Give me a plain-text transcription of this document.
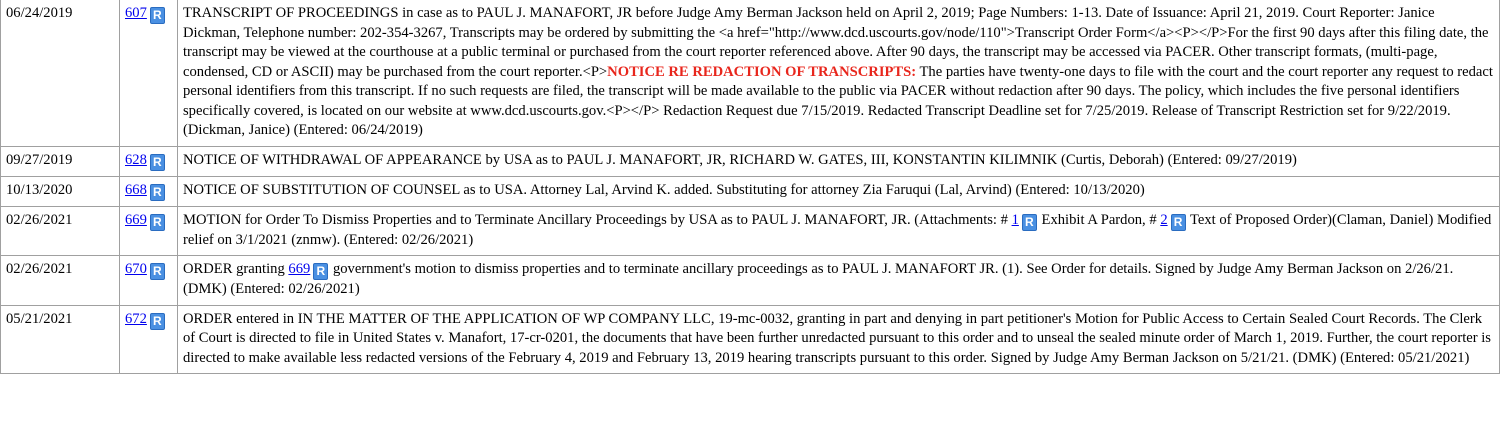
06/24/2019	607 R	TRANSCRIPT OF PROCEEDINGS in case as to PAUL J. MANAFORT, JR before Judge Amy Berman Jackson held on April 2, 2019; Page Numbers: 1-13. Date of Issuance: April 21, 2019. Court Reporter: Janice Dickman, Telephone number: 202-354-3267, Transcripts may be ordered by submitting the <a href="http://www.dcd.uscourts.gov/node/110">Transcript Order Form</a><P></P>For the first 90 days after this filing date, the transcript may be viewed at the courthouse at a public terminal or purchased from the court reporter referenced above. After 90 days, the transcript may be accessed via PACER. Other transcript formats, (multi-page, condensed, CD or ASCII) may be purchased from the court reporter.<P>NOTICE RE REDACTION OF TRANSCRIPTS: The parties have twenty-one days to file with the court and the court reporter any request to redact personal identifiers from this transcript. If no such requests are filed, the transcript will be made available to the public via PACER without redaction after 90 days. The policy, which includes the five personal identifiers specifically covered, is located on our website at www.dcd.uscourts.gov.<P></P> Redaction Request due 7/15/2019. Redacted Transcript Deadline set for 7/25/2019. Release of Transcript Restriction set for 9/22/2019.(Dickman, Janice) (Entered: 06/24/2019)
09/27/2019	628 R	NOTICE OF WITHDRAWAL OF APPEARANCE by USA as to PAUL J. MANAFORT, JR, RICHARD W. GATES, III, KONSTANTIN KILIMNIK (Curtis, Deborah) (Entered: 09/27/2019)
10/13/2020	668 R	NOTICE OF SUBSTITUTION OF COUNSEL as to USA. Attorney Lal, Arvind K. added. Substituting for attorney Zia Faruqui (Lal, Arvind) (Entered: 10/13/2020)
02/26/2021	669 R	MOTION for Order To Dismiss Properties and to Terminate Ancillary Proceedings by USA as to PAUL J. MANAFORT, JR. (Attachments: # 1 R Exhibit A Pardon, # 2 R Text of Proposed Order)(Claman, Daniel) Modified relief on 3/1/2021 (znmw). (Entered: 02/26/2021)
02/26/2021	670 R	ORDER granting 669 R government's motion to dismiss properties and to terminate ancillary proceedings as to PAUL J. MANAFORT JR. (1). See Order for details. Signed by Judge Amy Berman Jackson on 2/26/21. (DMK) (Entered: 02/26/2021)
05/21/2021	672 R	ORDER entered in IN THE MATTER OF THE APPLICATION OF WP COMPANY LLC, 19-mc-0032, granting in part and denying in part petitioner's Motion for Public Access to Certain Sealed Court Records. The Clerk of Court is directed to file in United States v. Manafort, 17-cr-0201, the documents that have been further unredacted pursuant to this order and to unseal the sealed minute order of March 1, 2019. Further, the court reporter is directed to make available less redacted versions of the February 4, 2019 and February 13, 2019 hearing transcripts pursuant to this order. Signed by Judge Amy Berman Jackson on 5/21/21. (DMK) (Entered: 05/21/2021)
